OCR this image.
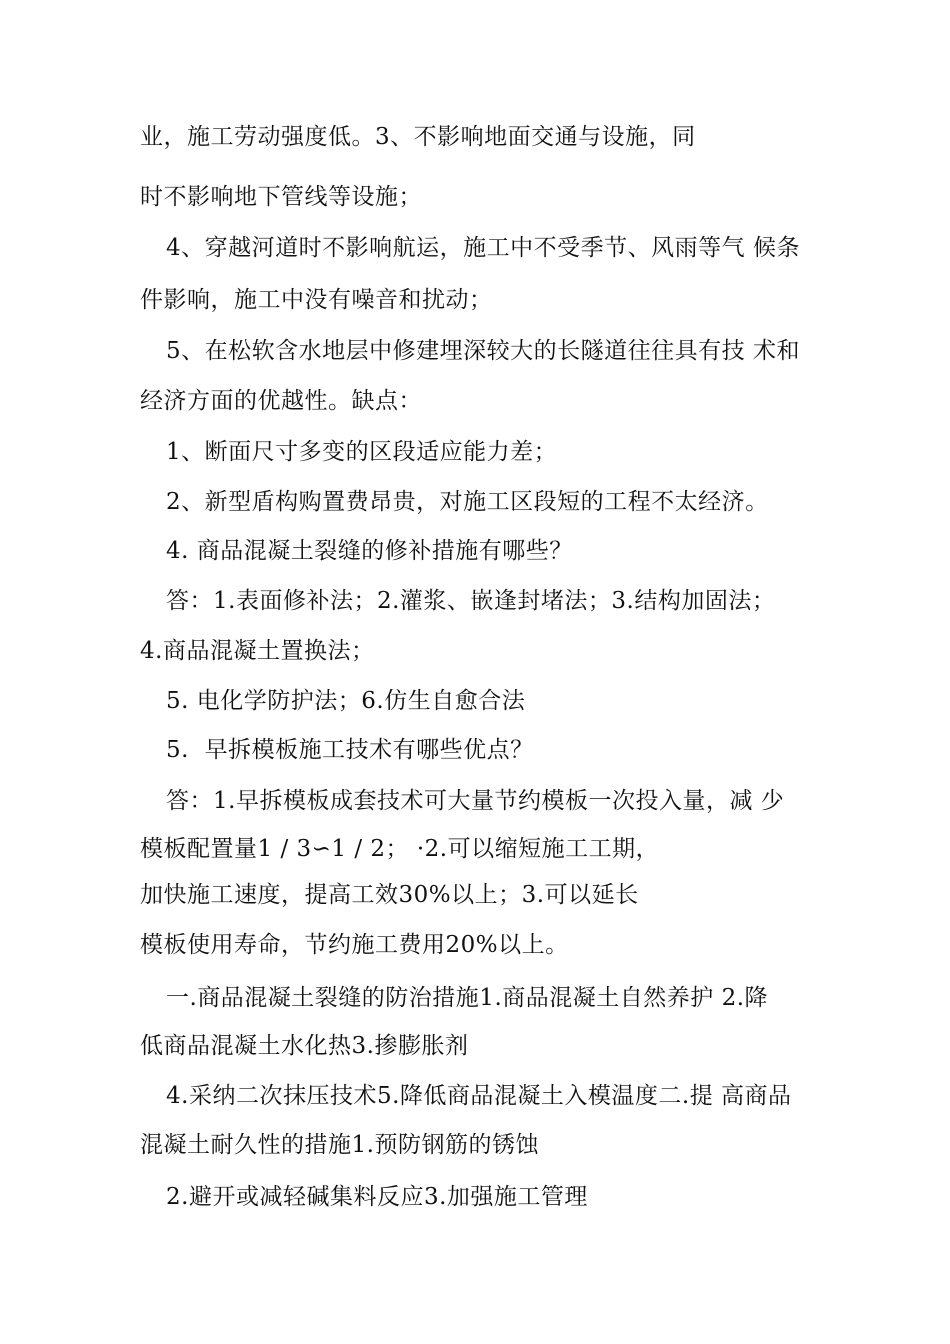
业，施工劳动强度低。3、不影响地面交通与设施，同
时不影响地下管线等设施；
4、穿越河道时不影响航运，施工中不受季节、风雨等气 候条
件影响，施工中没有噪音和扰动；
5、在松软含水地层中修建埋深较大的长隧道往往具有技 术和
经济方面的优越性。缺点：
1、断面尺寸多变的区段适应能力差；
2、新型盾构购置费昂贵，对施工区段短的工程不太经济。
4. 商品混凝土裂缝的修补措施有哪些？
答：1.表面修补法；2.灌浆、嵌逢封堵法；3.结构加固法；
4.商品混凝土置换法；
5. 电化学防护法；6.仿生自愈合法
5.  早拆模板施工技术有哪些优点？
答：1.早拆模板成套技术可大量节约模板一次投入量，减 少
模板配置量1 / 3∽1 / 2； ·2.可以缩短施工工期，
加快施工速度，提高工效30%以上；3.可以延长
模板使用寿命，节约施工费用20%以上。
一.商品混凝土裂缝的防治措施1.商品混凝土自然养护 2.降
低商品混凝土水化热3.掺膨胀剂
4.采纳二次抹压技术5.降低商品混凝土入模温度二.提 高商品
混凝土耐久性的措施1.预防钢筋的锈蚀
2.避开或减轻碱集料反应3.加强施工管理
